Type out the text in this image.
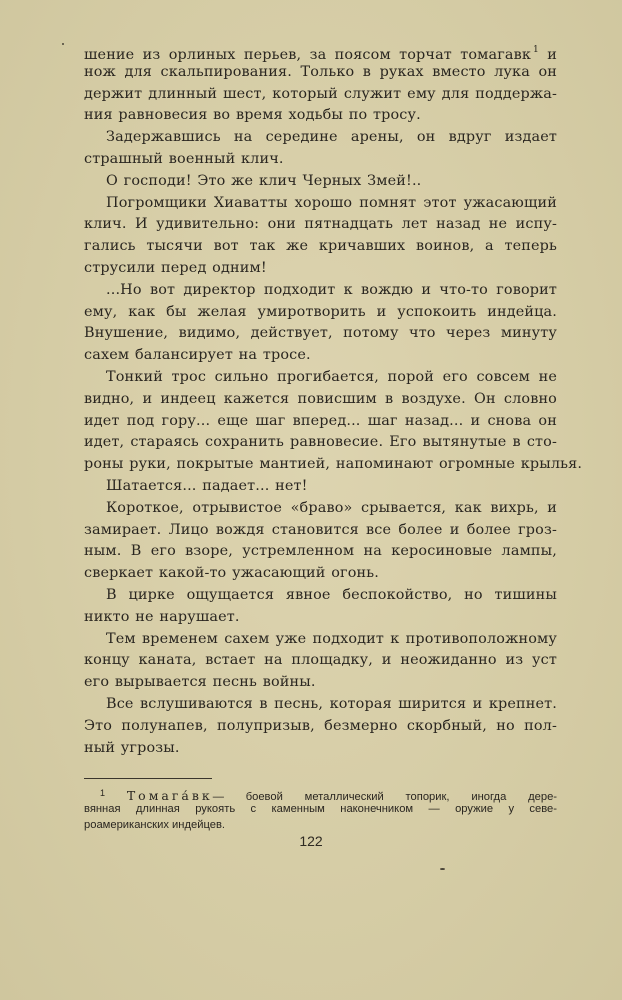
шение из орлиных перьев, за поясом торчат томагавк $^1$ и
нож для скальпирования. Только в руках вместо лука он
держит длинный шест, который служит ему для поддержа-
ния равновесия во время ходьбы по тросу.
Задержавшись на середине арены, он вдруг издает
страшный военный клич.
О господи! Это же клич Черных Змей!..
Погромщики Хиаватты хорошо помнят этот ужасающий
клич. И удивительно: они пятнадцать лет назад не испу-
гались тысячи вот так же кричавших воинов, а теперь
струсили перед одним!
...Но вот директор подходит к вождю и что-то говорит
ему, как бы желая умиротворить и успокоить индейца.
Внушение, видимо, действует, потому что через минуту
сахем балансирует на тросе.
Тонкий трос сильно прогибается, порой его совсем не
видно, и индеец кажется повисшим в воздухе. Он словно
идет под гору... еще шаг вперед... шаг назад... и снова он
идет, стараясь сохранить равновесие. Его вытянутые в сто-
роны руки, покрытые мантией, напоминают огромные крылья.
Шатается... падает... нет!
Короткое, отрывистое «браво» срывается, как вихрь, и
замирает. Лицо вождя становится все более и более гроз-
ным. В его взоре, устремленном на керосиновые лампы,
сверкает какой-то ужасающий огонь.
В цирке ощущается явное беспокойство, но тишины
никто не нарушает.
Тем временем сахем уже подходит к противоположному
концу каната, встает на площадку, и неожиданно из уст
его вырывается песнь войны.
Все вслушиваются в песнь, которая ширится и крепнет.
Это полунапев, полупризыв, безмерно скорбный, но пол-
ный угрозы.
$^1$ Томага́вк— боевой металлический топорик, иногда дере-
вянная длинная рукоять с каменным наконечником — оружие у севе-
роамериканских индейцев.
122
